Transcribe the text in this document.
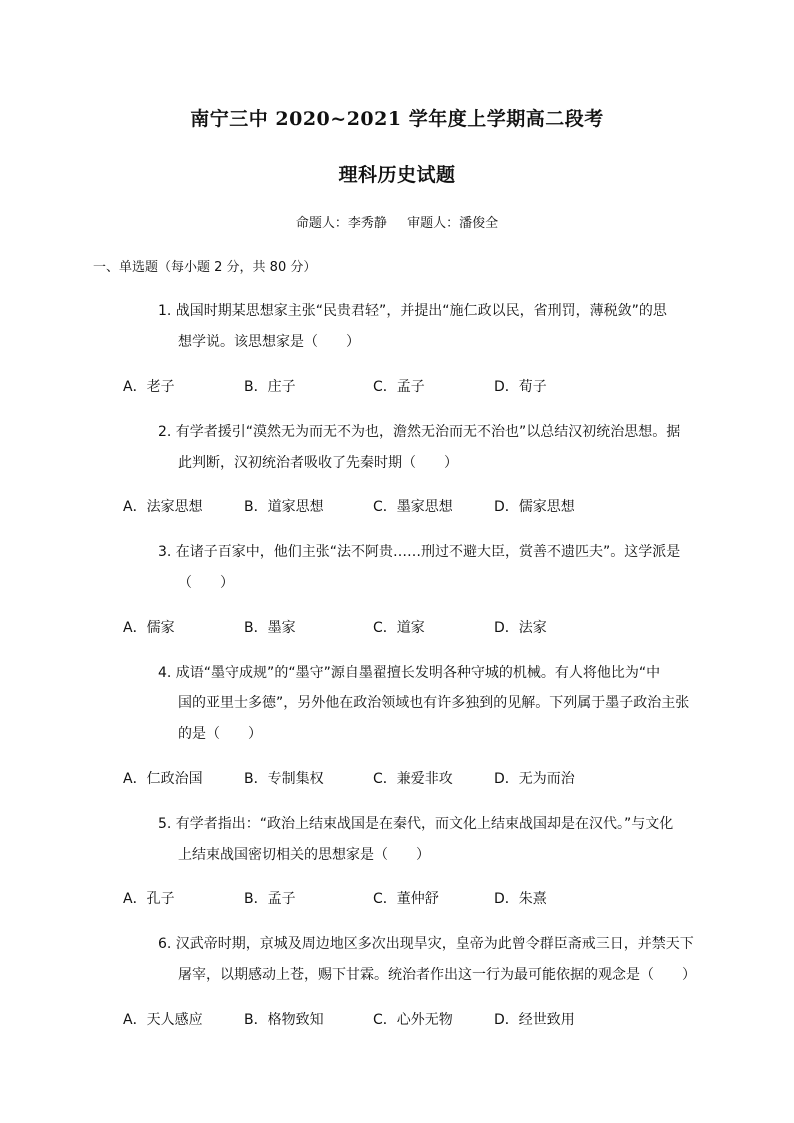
南宁三中 2020~2021 学年度上学期高二段考
理科历史试题
命题人：李秀静 审题人：潘俊全
一、单选题（每小题 2 分，共 80 分）
1. 战国时期某思想家主张“民贵君轻”，并提出“施仁政以民，省刑罚，薄税敛”的思
想学说。该思想家是（　　）
A．老子	B．庄子	C．孟子	D．荀子
2. 有学者援引“漠然无为而无不为也，澹然无治而无不治也”以总结汉初统治思想。据
此判断，汉初统治者吸收了先秦时期（　　）
A．法家思想	B．道家思想	C．墨家思想	D．儒家思想
3. 在诸子百家中，他们主张“法不阿贵……刑过不避大臣，赏善不遗匹夫”。这学派是
（　　）
A．儒家	B．墨家	C．道家	D．法家
4. 成语“墨守成规”的“墨守”源自墨翟擅长发明各种守城的机械。有人将他比为“中
国的亚里士多德”，另外他在政治领域也有许多独到的见解。下列属于墨子政治主张
的是（　　）
A．仁政治国	B．专制集权	C．兼爱非攻	D．无为而治
5. 有学者指出：“政治上结束战国是在秦代，而文化上结束战国却是在汉代。”与文化
上结束战国密切相关的思想家是（　　）
A．孔子	B．孟子	C．董仲舒	D．朱熹
6. 汉武帝时期，京城及周边地区多次出现旱灾，皇帝为此曾令群臣斋戒三日，并禁天下
屠宰，以期感动上苍，赐下甘霖。统治者作出这一行为最可能依据的观念是（　　）
A．天人感应	B．格物致知	C．心外无物	D．经世致用
